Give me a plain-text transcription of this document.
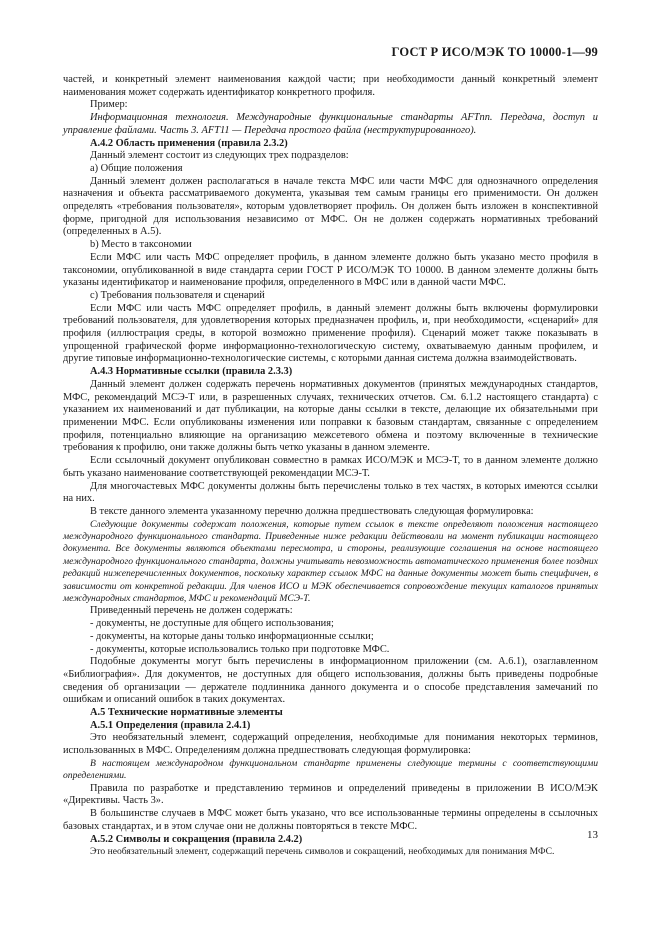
ГОСТ Р ИСО/МЭК ТО 10000-1—99

частей, и конкретный элемент наименования каждой части; при необходимости данный конкретный элемент наименования может содержать идентификатор конкретного профиля.

Пример:

Информационная технология. Международные функциональные стандарты AFTnn. Передача, доступ и управление файлами. Часть 3. AFT11 — Передача простого файла (неструктурированного).

А.4.2 Область применения (правила 2.3.2)

Данный элемент состоит из следующих трех подразделов:

а) Общие положения

Данный элемент должен располагаться в начале текста МФС или части МФС для однозначного определения назначения и объекта рассматриваемого документа, указывая тем самым границы его применимости. Он должен определять «требования пользователя», которым удовлетворяет профиль. Он должен быть изложен в конспективной форме, пригодной для использования независимо от МФС. Он не должен содержать нормативных требований (определенных в А.5).

b) Место в таксономии

Если МФС или часть МФС определяет профиль, в данном элементе должно быть указано место профиля в таксономии, опубликованной в виде стандарта серии ГОСТ Р ИСО/МЭК ТО 10000. В данном элементе должны быть указаны идентификатор и наименование профиля, определенного в МФС или в данной части МФС.

с) Требования пользователя и сценарий

Если МФС или часть МФС определяет профиль, в данный элемент должны быть включены формулировки требований пользователя, для удовлетворения которых предназначен профиль, и, при необходимости, «сценарий» для профиля (иллюстрация среды, в которой возможно применение профиля). Сценарий может также показывать в упрощенной графической форме информационно-технологическую систему, охватываемую данным профилем, и другие типовые информационно-технологические системы, с которыми данная система должна взаимодействовать.

А.4.3 Нормативные ссылки (правила 2.3.3)

Данный элемент должен содержать перечень нормативных документов (принятых международных стандартов, МФС, рекомендаций МСЭ-Т или, в разрешенных случаях, технических отчетов. См. 6.1.2 настоящего стандарта) с указанием их наименований и дат публикации, на которые даны ссылки в тексте, делающие их обязательными при применении МФС. Если опубликованы изменения или поправки к базовым стандартам, связанные с определением профиля, потенциально влияющие на организацию межсетевого обмена и поэтому включенные в технические требования к профилю, они также должны быть четко указаны в данном элементе.

Если ссылочный документ опубликован совместно в рамках ИСО/МЭК и МСЭ-Т, то в данном элементе должно быть указано наименование соответствующей рекомендации МСЭ-Т.

Для многочастевых МФС документы должны быть перечислены только в тех частях, в которых имеются ссылки на них.

В тексте данного элемента указанному перечню должна предшествовать следующая формулировка:

Следующие документы содержат положения, которые путем ссылок в тексте определяют положения настоящего международного функционального стандарта. Приведенные ниже редакции действовали на момент публикации настоящего документа. Все документы являются объектами пересмотра, и стороны, реализующие соглашения на основе настоящего международного функционального стандарта, должны учитывать невозможность автоматического применения более поздних редакций нижеперечисленных документов, поскольку характер ссылок МФС на данные документы может быть специфичен, в зависимости от конкретной редакции. Для членов ИСО и МЭК обеспечивается сопровождение текущих каталогов принятых международных стандартов, МФС и рекомендаций МСЭ-Т.

Приведенный перечень не должен содержать:

- документы, не доступные для общего использования;

- документы, на которые даны только информационные ссылки;

- документы, которые использовались только при подготовке МФС.

Подобные документы могут быть перечислены в информационном приложении (см. А.6.1), озаглавленном «Библиография». Для документов, не доступных для общего использования, должны быть приведены подробные сведения об организации — держателе подлинника данного документа и о способе представления замечаний по ошибкам и описаний ошибок в таких документах.

А.5 Технические нормативные элементы

А.5.1 Определения (правила 2.4.1)

Это необязательный элемент, содержащий определения, необходимые для понимания некоторых терминов, использованных в МФС. Определениям должна предшествовать следующая формулировка:

В настоящем международном функциональном стандарте применены следующие термины с соответствующими определениями.

Правила по разработке и представлению терминов и определений приведены в приложении В ИСО/МЭК «Директивы. Часть 3».

В большинстве случаев в МФС может быть указано, что все использованные термины определены в ссылочных базовых стандартах, и в этом случае они не должны повторяться в тексте МФС.

А.5.2 Символы и сокращения (правила 2.4.2)

Это необязательный элемент, содержащий перечень символов и сокращений, необходимых для понимания МФС.

13
